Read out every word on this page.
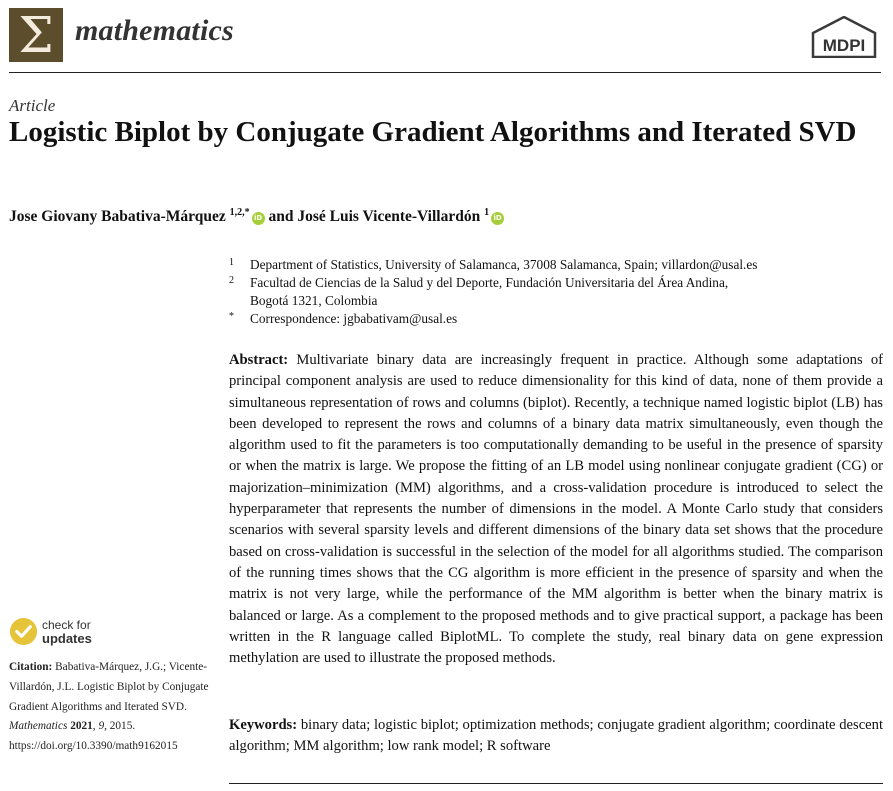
Σ mathematics	MDPI
Article
Logistic Biplot by Conjugate Gradient Algorithms and Iterated SVD
Jose Giovany Babativa-Márquez $^{1,2,*}$ iD and José Luis Vicente-Villardón $^1$ iD
1 Department of Statistics, University of Salamanca, 37008 Salamanca, Spain; villardon@usal.es
2 Facultad de Ciencias de la Salud y del Deporte, Fundación Universitaria del Área Andina,
Bogotá 1321, Colombia
* Correspondence: jgbabativam@usal.es
Abstract: Multivariate binary data are increasingly frequent in practice. Although some adaptations of principal component analysis are used to reduce dimensionality for this kind of data, none of them provide a simultaneous representation of rows and columns (biplot). Recently, a technique named logistic biplot (LB) has been developed to represent the rows and columns of a binary data matrix simultaneously, even though the algorithm used to fit the parameters is too computationally demanding to be useful in the presence of sparsity or when the matrix is large. We propose the fitting of an LB model using nonlinear conjugate gradient (CG) or majorization–minimization (MM) algorithms, and a cross-validation procedure is introduced to select the hyperparameter that represents the number of dimensions in the model. A Monte Carlo study that considers scenarios with several sparsity levels and different dimensions of the binary data set shows that the procedure based on cross-validation is successful in the selection of the model for all algorithms studied. The comparison of the running times shows that the CG algorithm is more efficient in the presence of sparsity and when the matrix is not very large, while the performance of the MM algorithm is better when the binary matrix is balanced or large. As a complement to the proposed methods and to give practical support, a package has been written in the R language called BiplotML. To complete the study, real binary data on gene expression methylation are used to illustrate the proposed methods.
Keywords: binary data; logistic biplot; optimization methods; conjugate gradient algorithm; coordinate descent algorithm; MM algorithm; low rank model; R software
check for
updates
Citation: Babativa-Márquez, J.G.; Vicente-Villardón, J.L. Logistic Biplot by Conjugate Gradient Algorithms and Iterated SVD. Mathematics 2021, 9, 2015. https://doi.org/10.3390/math9162015
